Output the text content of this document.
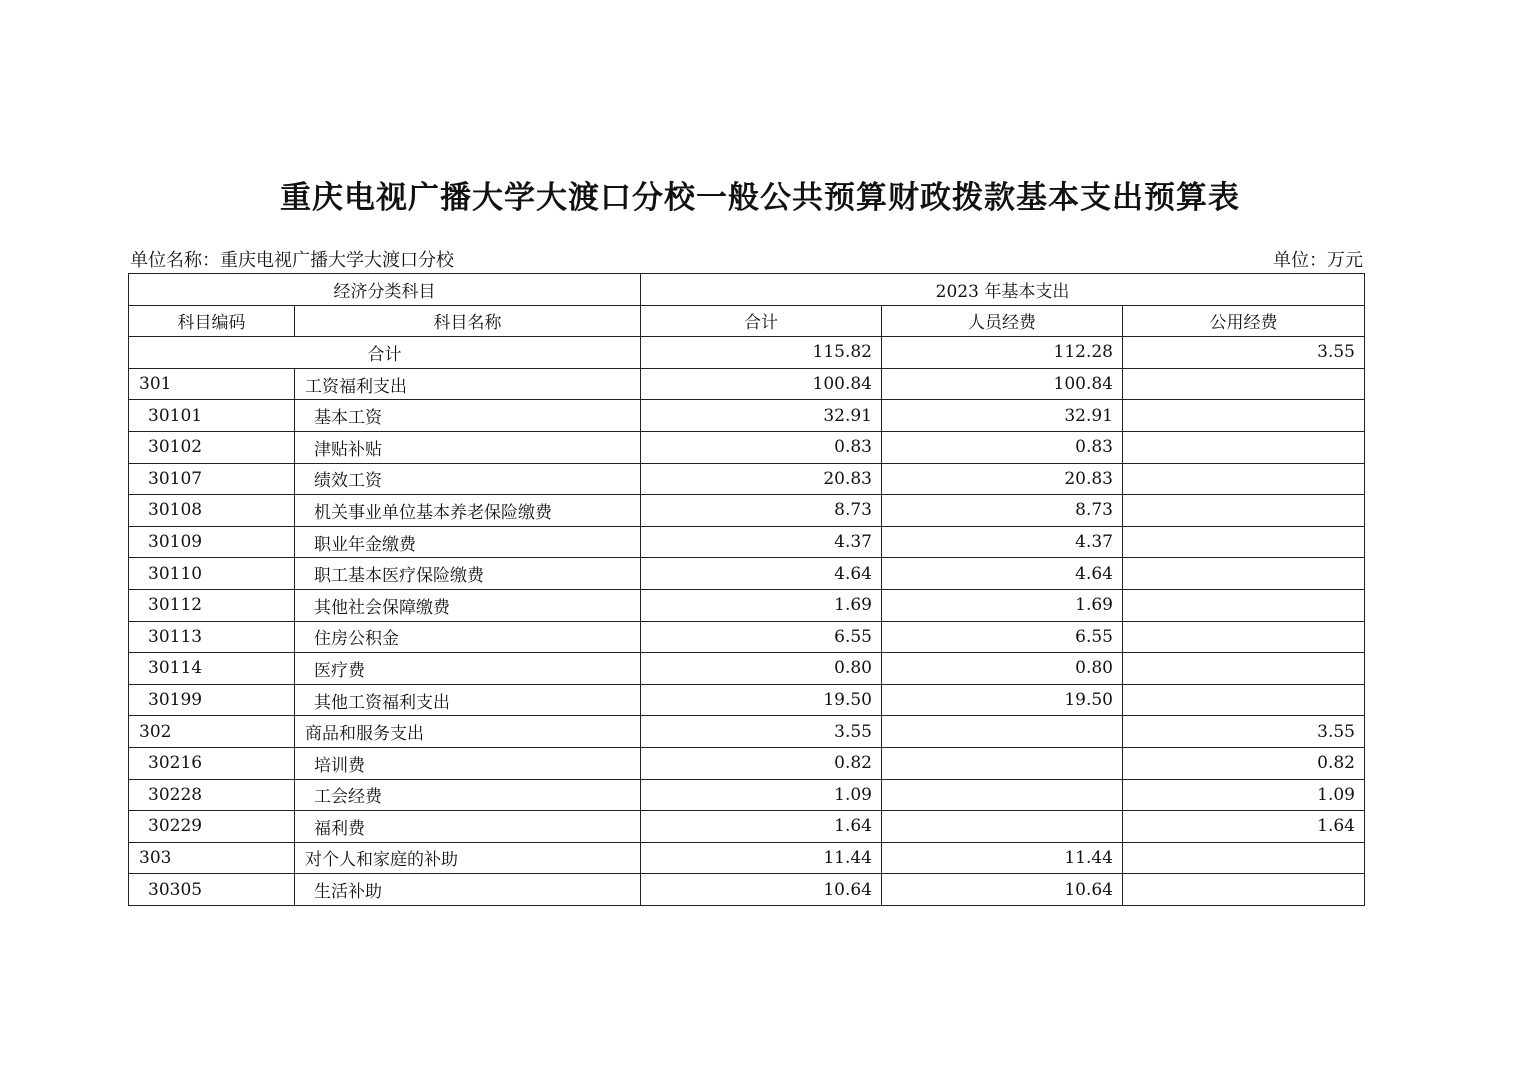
重庆电视广播大学大渡口分校一般公共预算财政拨款基本支出预算表
单位名称：重庆电视广播大学大渡口分校	单位：万元
经济分类科目		2023 年基本支出		
科目编码	科目名称	合计	人员经费	公用经费
合计		115.82	112.28	3.55
301	工资福利支出	100.84	100.84	
30101	基本工资	32.91	32.91	
30102	津贴补贴	0.83	0.83	
30107	绩效工资	20.83	20.83	
30108	机关事业单位基本养老保险缴费	8.73	8.73	
30109	职业年金缴费	4.37	4.37	
30110	职工基本医疗保险缴费	4.64	4.64	
30112	其他社会保障缴费	1.69	1.69	
30113	住房公积金	6.55	6.55	
30114	医疗费	0.80	0.80	
30199	其他工资福利支出	19.50	19.50	
302	商品和服务支出	3.55		3.55
30216	培训费	0.82		0.82
30228	工会经费	1.09		1.09
30229	福利费	1.64		1.64
303	对个人和家庭的补助	11.44	11.44	
30305	生活补助	10.64	10.64	
